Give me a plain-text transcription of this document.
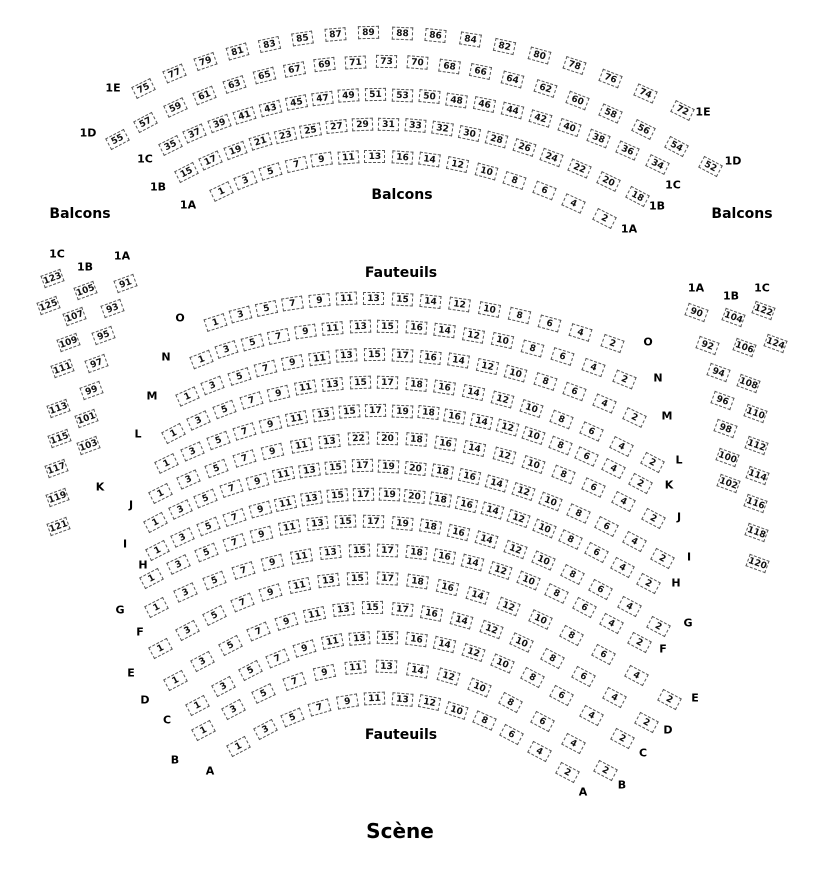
Balcons
Balcons	Balcons
Fauteuils
Fauteuils
Scène
1
3
5
7	9	11	13	16	14	12
10
8
6
4
2
1A
1A
15
17
19
21
23	25	27	29	31	33	32	30	28
26
24
22
20
18
1B
1B
35
37
39
41
43	45	47	49	51	53	50	48	46	44
42
40
38
36
34
1C
1C
55
57
59
61
63
65
67	69	71	73	70	68	66
64
62
60
58
56
54
52
1D
1D
75
77
79
81
83	85	87	89	88	86	84
82
80
78
76
74
72
1E
1E
123
125
1C
105
107
109
111
113
115
117
119
121
1B
91
93
95
97
99
101
103
1A
90
92
94
96
98
100
102
1A
104
106
108
110
112
114
116
118
120
1B
122
124
1C
1
3
5	7	9	11	13	15	14	12	10
8
6
4
2
O
O
1
3
5
7	9	11	13	15	16	14	12	10
8
6
4
2
N
N
1
3
5
7
9	11	13	15	17	16	14	12
10
8
6
4
2
M
M
1
3
5
7
9	11	13	15	17	18	16	14
12
10
8
6
4
2
L
L
1
3
5
7
9	11	13	15	17	19	18	16	14	12
10
8
6
4
2
K	K
1
3
5
7
9	11	13	22	20	18	16	14
12
10
8
6
4
2
J
J
1
3
5
7
9
11	13	15	17	19	20	18	16
14
12
10
8
6
4
2
I
I
1
3
5
7
9
11	13	15	17	19	20	18	16	14
12
10
8
6
4
2
H
H
1
3
5
7
9
11	13	15	17	19	18	16
14
12
10
8
6
4
2
G
G
1
3
5
7
9
11	13	15	17	18	16	14
12
10
8
6
4
2
F
F
1
3
5
7
9
11	13	15	17	18	16
14
12
10
8
6
4
2
E
E
1
3
5
7
9
11	13	15	17	16
14
12
10
8
6
4
2
D
D
1
3
5
7
9
11	13	15	16	14
12
10
8
6
4
2
C
C
1
3
5
7
9	11	13	14
12
10
8
6
4
2
B
B
1
3
5
7
9	11	13	12
10
8
6
4
2
A
A
